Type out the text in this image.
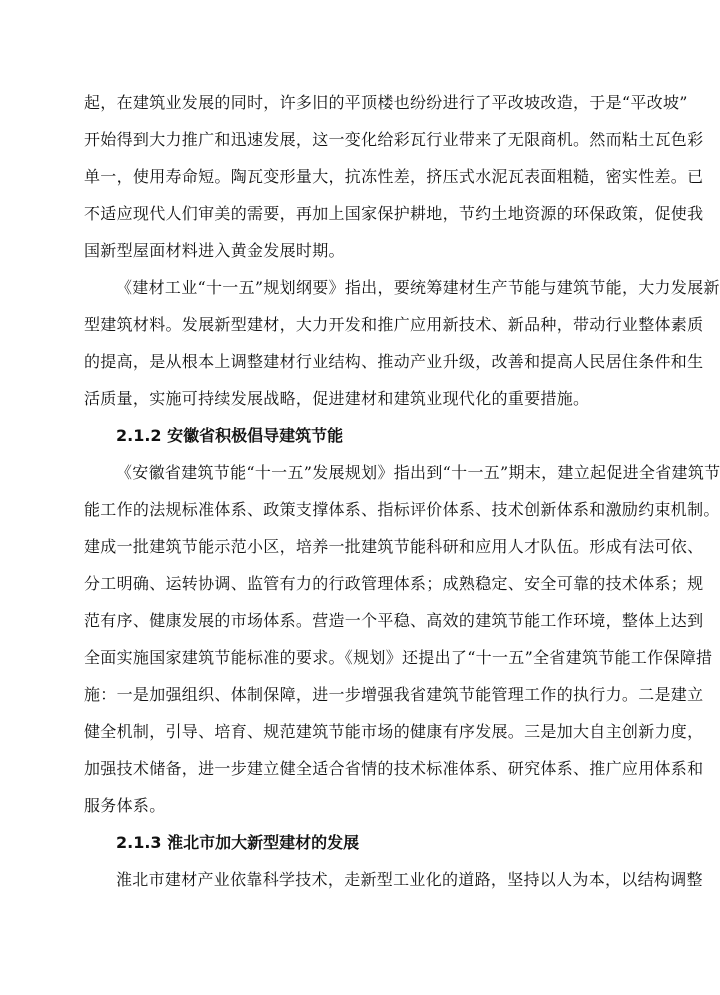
起，在建筑业发展的同时，许多旧的平顶楼也纷纷进行了平改坡改造，于是“平改坡”
开始得到大力推广和迅速发展，这一变化给彩瓦行业带来了无限商机。然而粘土瓦色彩
单一，使用寿命短。陶瓦变形量大，抗冻性差，挤压式水泥瓦表面粗糙，密实性差。已
不适应现代人们审美的需要，再加上国家保护耕地，节约土地资源的环保政策，促使我
国新型屋面材料进入黄金发展时期。
《建材工业“十一五”规划纲要》指出，要统筹建材生产节能与建筑节能，大力发展新
型建筑材料。发展新型建材，大力开发和推广应用新技术、新品种，带动行业整体素质
的提高，是从根本上调整建材行业结构、推动产业升级，改善和提高人民居住条件和生
活质量，实施可持续发展战略，促进建材和建筑业现代化的重要措施。
2.1.2 安徽省积极倡导建筑节能
《安徽省建筑节能“十一五”发展规划》指出到“十一五”期末，建立起促进全省建筑节
能工作的法规标准体系、政策支撑体系、指标评价体系、技术创新体系和激励约束机制。
建成一批建筑节能示范小区，培养一批建筑节能科研和应用人才队伍。形成有法可依、
分工明确、运转协调、监管有力的行政管理体系；成熟稳定、安全可靠的技术体系；规
范有序、健康发展的市场体系。营造一个平稳、高效的建筑节能工作环境，整体上达到
全面实施国家建筑节能标准的要求。《规划》还提出了“十一五”全省建筑节能工作保障措
施：一是加强组织、体制保障，进一步增强我省建筑节能管理工作的执行力。二是建立
健全机制，引导、培育、规范建筑节能市场的健康有序发展。三是加大自主创新力度，
加强技术储备，进一步建立健全适合省情的技术标准体系、研究体系、推广应用体系和
服务体系。
2.1.3 淮北市加大新型建材的发展
淮北市建材产业依靠科学技术，走新型工业化的道路，坚持以人为本，以结构调整
